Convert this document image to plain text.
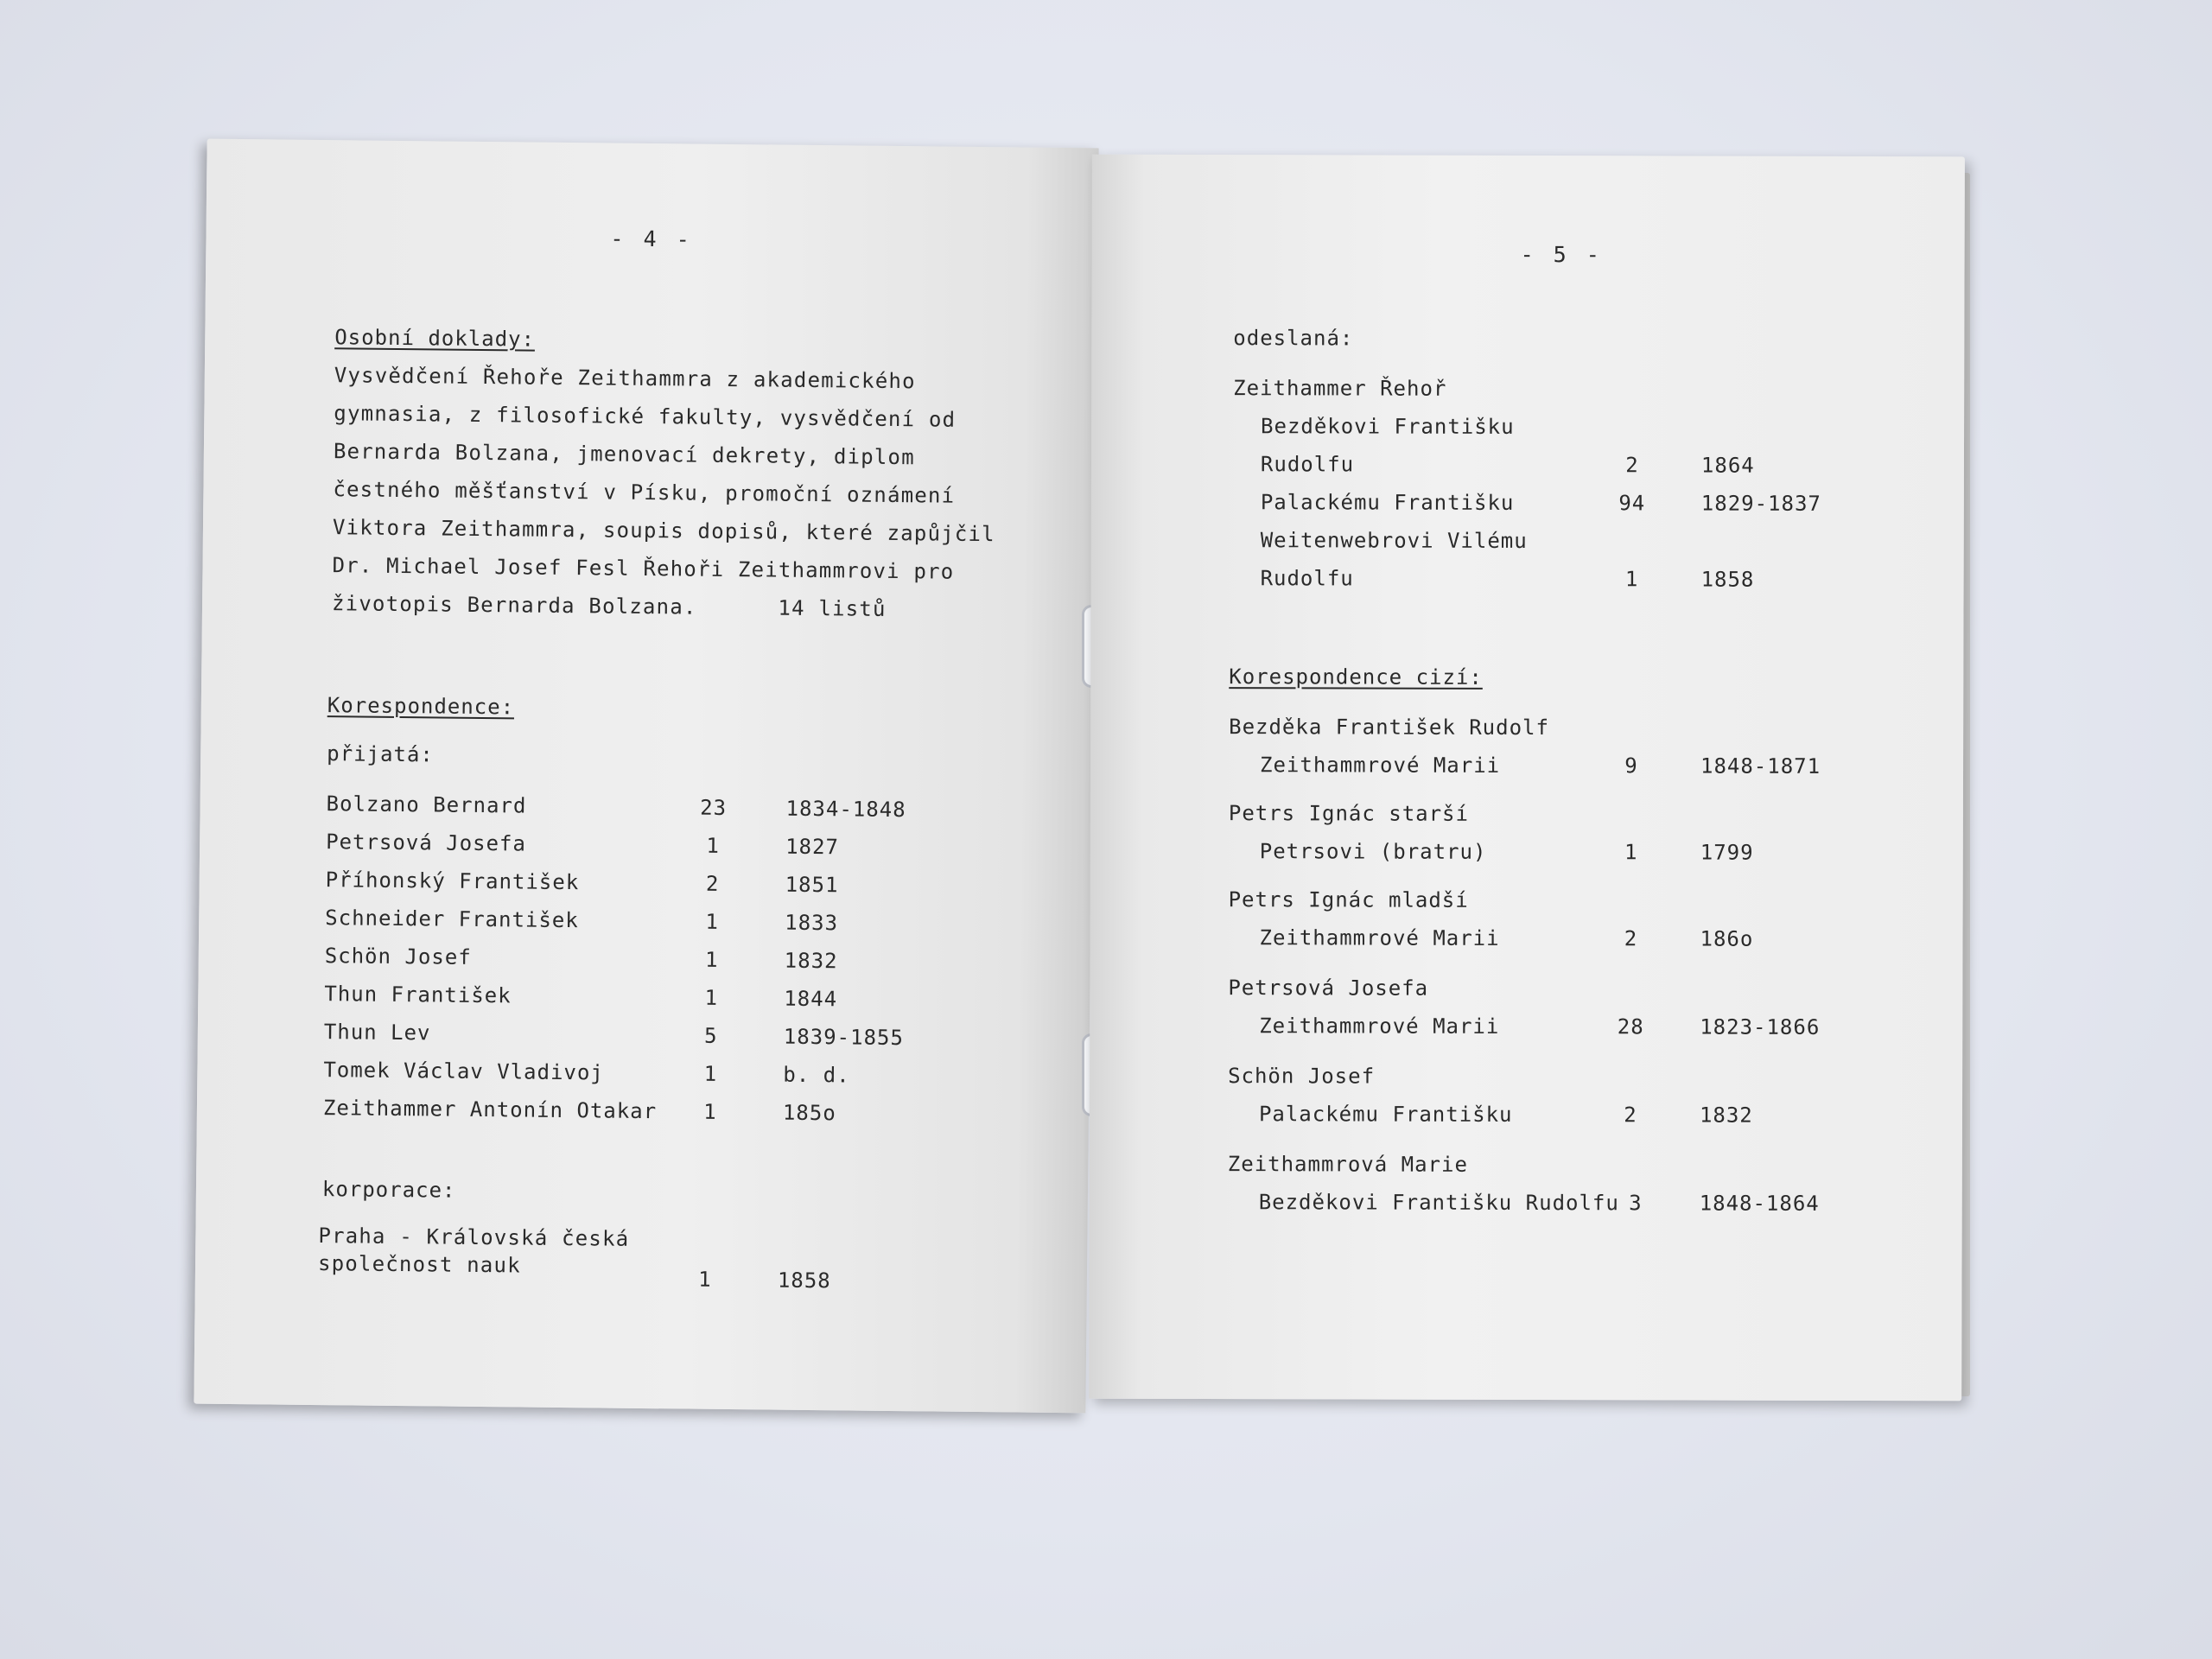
- 4 -
Osobní doklady:
Vysvědčení Řehoře Zeithammra z akademického
gymnasia, z filosofické fakulty, vysvědčení od
Bernarda Bolzana, jmenovací dekrety, diplom
čestného měšťanství v Písku, promoční oznámení
Viktora Zeithammra, soupis dopisů, které zapůjčil
Dr. Michael Josef Fesl Řehoři Zeithammrovi pro
životopis Bernarda Bolzana.      14 listů
Korespondence:
přijatá:
Bolzano Bernard	23	1834-1848
Petrsová Josefa	1	1827
Příhonský František	2	1851
Schneider František	1	1833
Schön Josef	1	1832
Thun František	1	1844
Thun Lev	5	1839-1855
Tomek Václav Vladivoj	1	b. d.
Zeithammer Antonín Otakar	1	185o
korporace:
Praha - Královská česká
společnost nauk
1	1858
- 5 -
odeslaná:
Zeithammer Řehoř
Bezděkovi Františku
Rudolfu	2	1864
Palackému Františku	94	1829-1837
Weitenwebrovi Vilému
Rudolfu	1	1858
Korespondence cizí:
Bezděka František Rudolf
Zeithammrové Marii	9	1848-1871
Petrs Ignác starší
Petrsovi (bratru)	1	1799
Petrs Ignác mladší
Zeithammrové Marii	2	186o
Petrsová Josefa
Zeithammrové Marii	28	1823-1866
Schön Josef
Palackému Františku	2	1832
Zeithammrová Marie
Bezděkovi Františku Rudolfu 3	1848-1864
